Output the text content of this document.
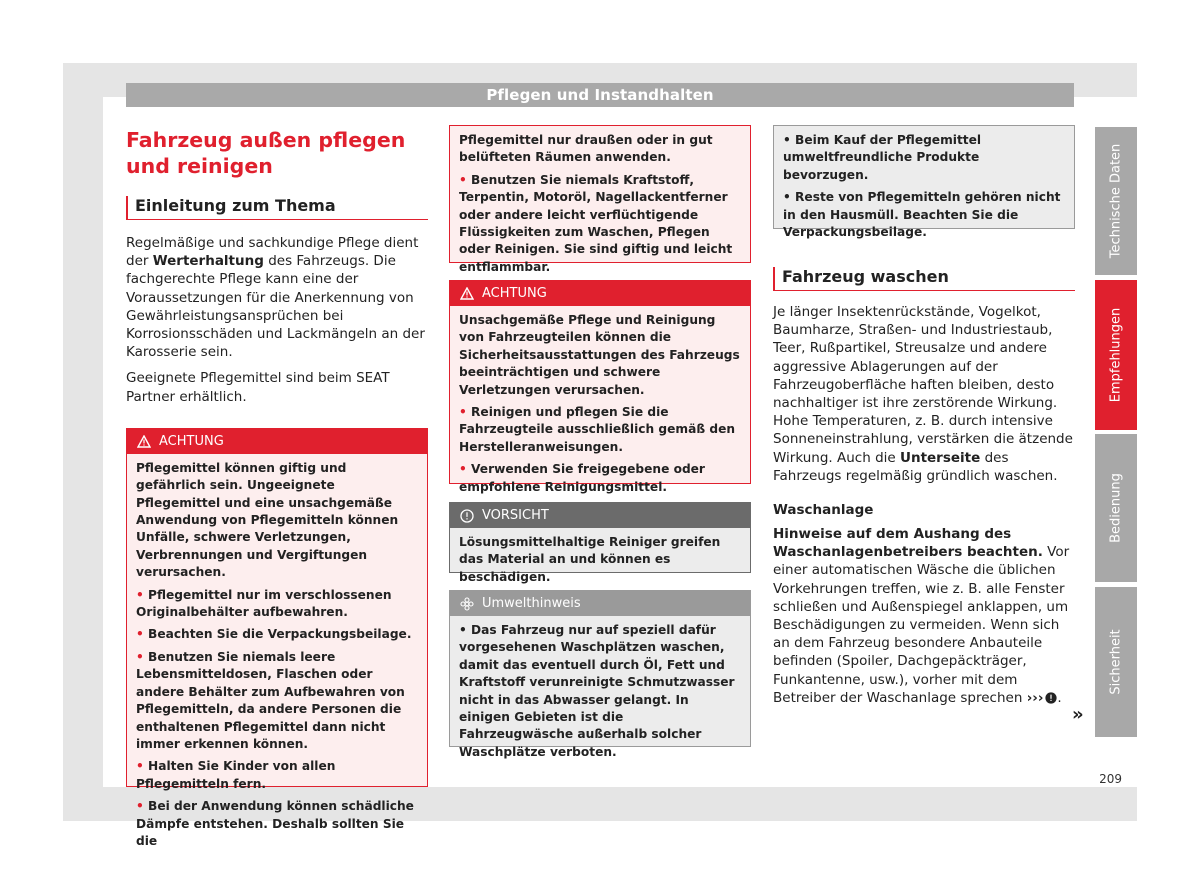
Pflegen und Instandhalten
Technische Daten
Empfehlungen
Bedienung
Sicherheit
209
Fahrzeug außen pflegen und reinigen
Einleitung zum Thema

Regelmäßige und sachkundige Pflege dient der Werterhaltung des Fahrzeugs. Die fachgerechte Pflege kann eine der Voraussetzungen für die Anerkennung von Gewährleistungsansprüchen bei Korrosionsschäden und Lackmängeln an der Karosserie sein.

Geeignete Pflegemittel sind beim SEAT Partner erhältlich.

ACHTUNG

Pflegemittel können giftig und gefährlich sein. Ungeeignete Pflegemittel und eine unsachgemäße Anwendung von Pflegemitteln können Unfälle, schwere Verletzungen, Verbrennungen und Vergiftungen verursachen.

• Pflegemittel nur im verschlossenen Originalbehälter aufbewahren.

• Beachten Sie die Verpackungsbeilage.

• Benutzen Sie niemals leere Lebensmitteldosen, Flaschen oder andere Behälter zum Aufbewahren von Pflegemitteln, da andere Personen die enthaltenen Pflegemittel dann nicht immer erkennen können.

• Halten Sie Kinder von allen Pflegemitteln fern.

• Bei der Anwendung können schädliche Dämpfe entstehen. Deshalb sollten Sie die

Pflegemittel nur draußen oder in gut belüfteten Räumen anwenden.

• Benutzen Sie niemals Kraftstoff, Terpentin, Motoröl, Nagellackentferner oder andere leicht verflüchtigende Flüssigkeiten zum Waschen, Pflegen oder Reinigen. Sie sind giftig und leicht entflammbar.

ACHTUNG

Unsachgemäße Pflege und Reinigung von Fahrzeugteilen können die Sicherheitsausstattungen des Fahrzeugs beeinträchtigen und schwere Verletzungen verursachen.

• Reinigen und pflegen Sie die Fahrzeugteile ausschließlich gemäß den Herstelleranweisungen.

• Verwenden Sie freigegebene oder empfohlene Reinigungsmittel.

VORSICHT

Lösungsmittelhaltige Reiniger greifen das Material an und können es beschädigen.

Umwelthinweis

• Das Fahrzeug nur auf speziell dafür vorgesehenen Waschplätzen waschen, damit das eventuell durch Öl, Fett und Kraftstoff verunreinigte Schmutzwasser nicht in das Abwasser gelangt. In einigen Gebieten ist die Fahrzeugwäsche außerhalb solcher Waschplätze verboten.

• Beim Kauf der Pflegemittel umweltfreundliche Produkte bevorzugen.

• Reste von Pflegemitteln gehören nicht in den Hausmüll. Beachten Sie die Verpackungsbeilage.

Fahrzeug waschen

Je länger Insektenrückstände, Vogelkot, Baumharze, Straßen- und Industriestaub, Teer, Rußpartikel, Streusalze und andere aggressive Ablagerungen auf der Fahrzeugoberfläche haften bleiben, desto nachhaltiger ist ihre zerstörende Wirkung. Hohe Temperaturen, z. B. durch intensive Sonneneinstrahlung, verstärken die ätzende Wirkung. Auch die Unterseite des Fahrzeugs regelmäßig gründlich waschen.

Waschanlage

Hinweise auf dem Aushang des Waschanlagenbetreibers beachten. Vor einer automatischen Wäsche die üblichen Vorkehrungen treffen, wie z. B. alle Fenster schließen und Außenspiegel anklappen, um Beschädigungen zu vermeiden. Wenn sich an dem Fahrzeug besondere Anbauteile befinden (Spoiler, Dachgepäckträger, Funkantenne, usw.), vorher mit dem Betreiber der Waschanlage sprechen ››› .

»
